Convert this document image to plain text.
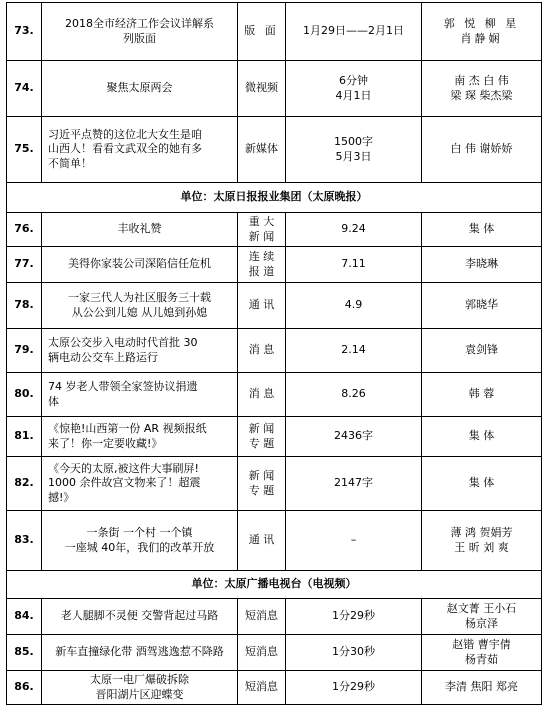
73.	2018全市经济工作会议详解系
列版面	版 面	1月29日——2月1日	郭 悦 柳 星
肖静娴
74.	聚焦太原两会	微视频	6分钟
4月1日	南 杰 白 伟
梁 琛 柴杰梁
75.	习近平点赞的这位北大女生是咱
山西人！看看文武双全的她有多
不简单！	新媒体	1500字
5月3日	白 伟 谢娇娇
单位：太原日报报业集团（太原晚报）				
76.	丰收礼赞	重 大
新 闻	9.24	集 体
77.	美得你家装公司深陷信任危机	连 续
报 道	7.11	李晓琳
78.	一家三代人为社区服务三十载
从公公到儿媳 从儿媳到孙媳	通 讯	4.9	郭晓华
79.	太原公交步入电动时代首批 30
辆电动公交车上路运行	消 息	2.14	袁剑锋
80.	74 岁老人带领全家签协议捐遗
体	消 息	8.26	韩 蓉
81.	《惊艳!山西第一份 AR 视频报纸
来了！你一定要收藏!》	新 闻
专 题	2436字	集 体
82.	《今天的太原,被这件大事刷屏!
1000 余件故宫文物来了！超震
撼!》	新 闻
专 题	2147字	集 体
83.	一条街 一个村 一个镇
一座城 40年，我们的改革开放	通 讯	–	薄 鸿 贺娟芳
王 昕 刘 爽
单位：太原广播电视台（电视频）				
84.	老人腿脚不灵便 交警背起过马路	短消息	1分29秒	赵文菁 王小石
杨京泽
85.	新车直撞绿化带 酒驾逃逸惹不降路	短消息	1分30秒	赵锴 曹宇倩
杨青茹
86.	太原一电厂爆破拆除
晋阳湖片区迎蝶变	短消息	1分29秒	李清 焦阳 郑亮
